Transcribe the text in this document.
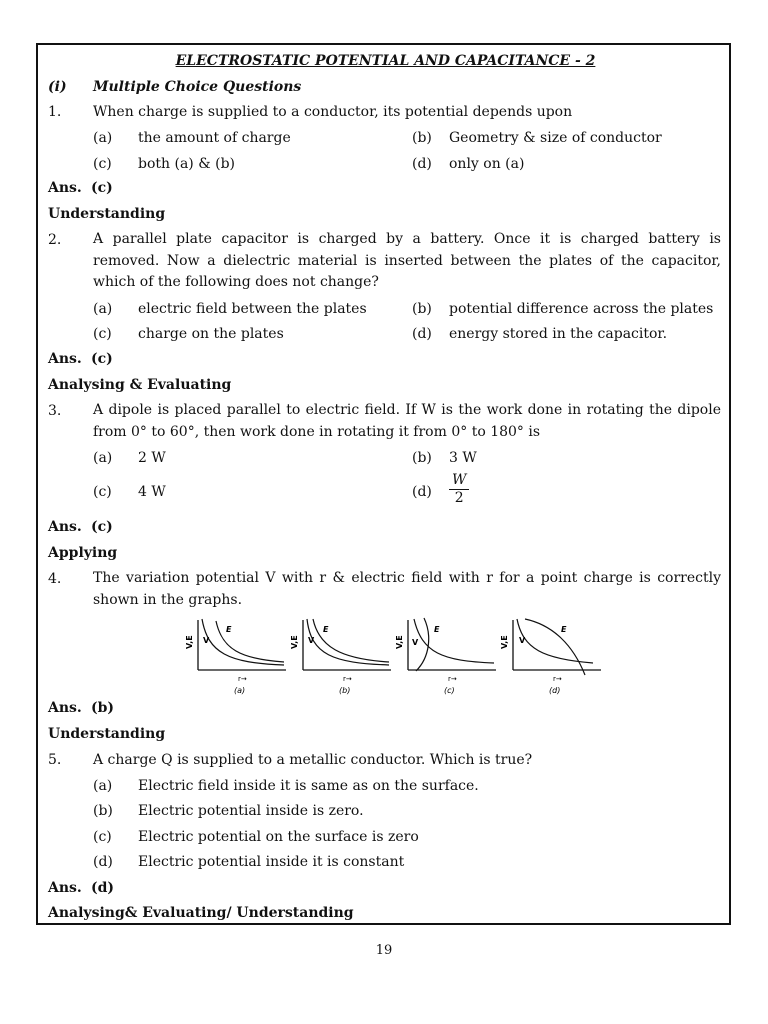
ELECTROSTATIC POTENTIAL AND CAPACITANCE - 2
(i) Multiple Choice Questions
1. When charge is supplied to a conductor, its potential depends upon
(a) the amount of charge	(b) Geometry & size of conductor
(c) both (a) & (b)	(d) only on (a)
Ans. (c)
Understanding
2. A parallel plate capacitor is charged by a battery. Once it is charged battery is removed. Now a dielectric material is inserted between the plates of the capacitor, which of the following does not change?
(a) electric field between the plates	(b) potential difference across the plates
(c) charge on the plates	(d) energy stored in the capacitor.
Ans. (c)
Analysing & Evaluating
3. A dipole is placed parallel to electric field. If W is the work done in rotating the dipole from 0° to 60°, then work done in rotating it from 0° to 180° is
(a) 2 W	(b) 3 W
(c) 4 W	$(d) \frac{W}{2}$
Ans. (c)
Applying
4. The variation potential V with r & electric field with r for a point charge is correctly shown in the graphs.
V,E V
E
r→
(a)
V,E V
E
r→
(b)
V,E V
E
r→
(c)
V,E V
E
r→
(d)
Ans. (b)
Understanding
5. A charge Q is supplied to a metallic conductor. Which is true?
(a) Electric field inside it is same as on the surface.
(b) Electric potential inside is zero.
(c) Electric potential on the surface is zero
(d) Electric potential inside it is constant
Ans. (d)
Analysing& Evaluating/ Understanding
19
